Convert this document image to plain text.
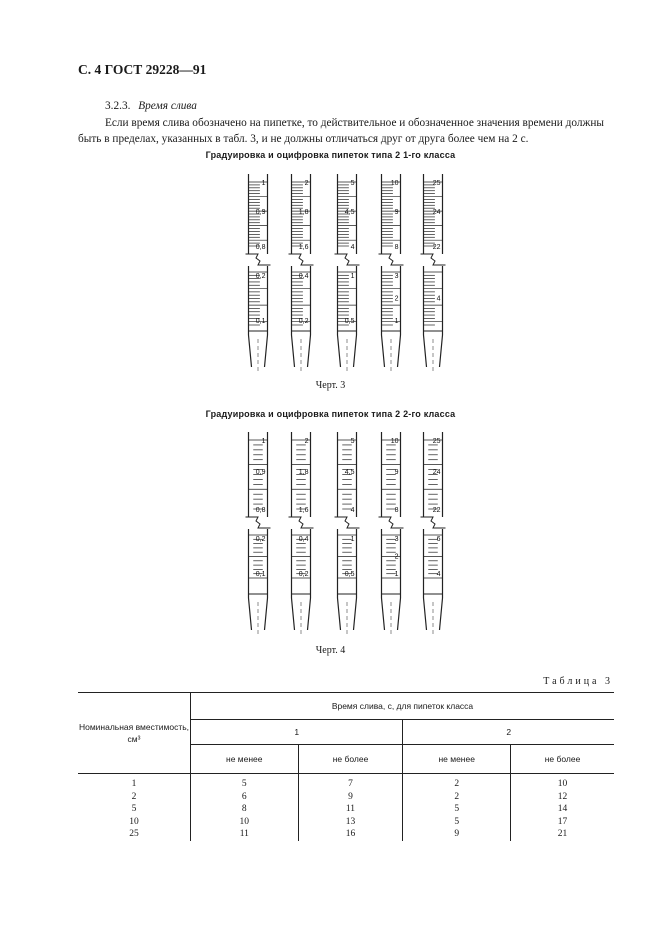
С. 4 ГОСТ 29228—91
3.2.3. Время слива
Если время слива обозначено на пипетке, то действительное и обозначенное значения времени должны быть в пределах, указанных в табл. 3, и не должны отличаться друг от друга более чем на 2 с.
Градуировка и оцифровка пипеток типа 2 1-го класса
1
0,9
0,8
0,2
0,1
2
1,8
1,6
0,4
0,2
5
4,5
4
1
0,5
10
9
8
3
2
1
25
24
22
4
Черт. 3
Градуировка и оцифровка пипеток типа 2 2-го класса
1
0,9
0,8
0,2
0,1
2
1,8
1,6
0,4
0,2
5
4,5
4
1
0,5
10
9
8
3
2
1
25
24
22
6
4
Черт. 4
Таблица 3
Номинальная вместимость, см³	Время слива, с, для пипеток класса			
	1		2	
	не менее	не более	не менее	не более
1	5	7	2	10
2	6	9	2	12
5	8	11	5	14
10	10	13	5	17
25	11	16	9	21
